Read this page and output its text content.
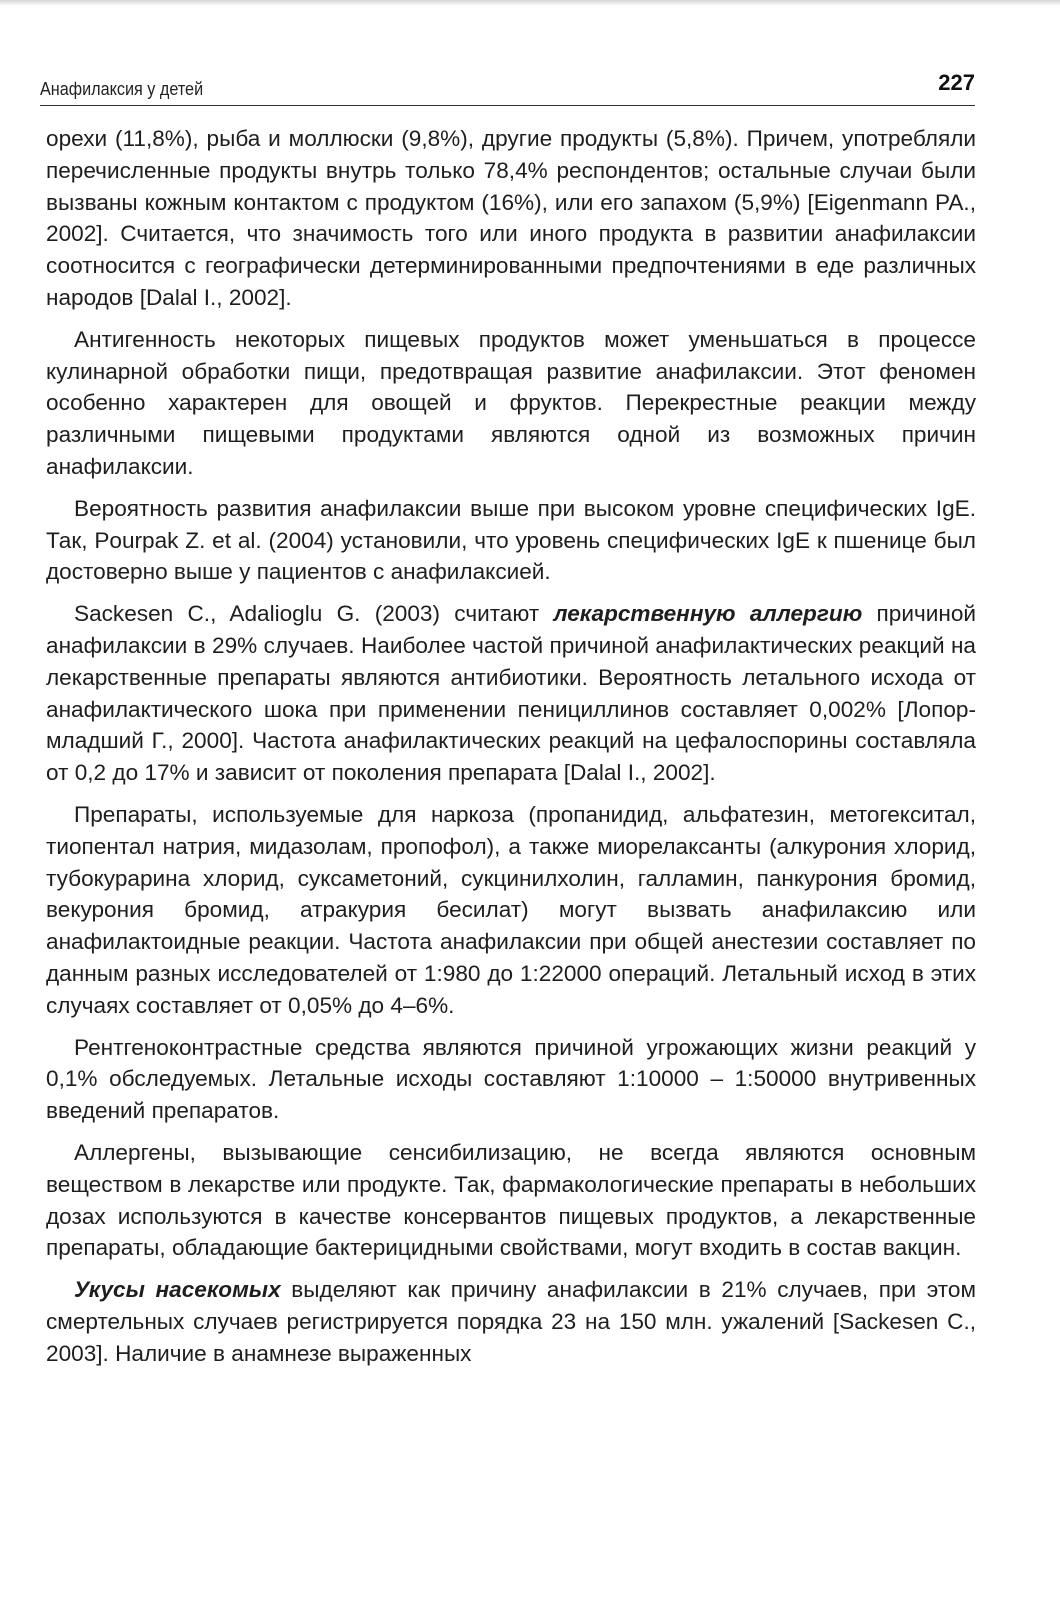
Анафилаксия у детей	227

орехи (11,8%), рыба и моллюски (9,8%), другие продукты (5,8%). Причем, употребляли перечисленные продукты внутрь только 78,4% респондентов; остальные случаи были вызваны кожным контактом с продуктом (16%), или его запахом (5,9%) [Eigenmann PA., 2002]. Считается, что значимость того или иного продукта в развитии анафилаксии соотносится с географически детерминированными предпочтениями в еде различных народов [Dalal I., 2002].

Антигенность некоторых пищевых продуктов может уменьшаться в процессе кулинарной обработки пищи, предотвращая развитие анафилаксии. Этот феномен особенно характерен для овощей и фруктов. Перекрестные реакции между различными пищевыми продуктами являются одной из возможных причин анафилаксии.

Вероятность развития анафилаксии выше при высоком уровне специфических IgE. Так, Pourpak Z. et al. (2004) установили, что уровень специфических IgE к пшенице был достоверно выше у пациентов с анафилаксией.

Sackesen C., Adalioglu G. (2003) считают лекарственную аллергию причиной анафилаксии в 29% случаев. Наиболее частой причиной анафилактических реакций на лекарственные препараты являются антибиотики. Вероятность летального исхода от анафилактического шока при применении пенициллинов составляет 0,002% [Лопормладший Г., 2000]. Частота анафилактических реакций на цефалоспорины составляла от 0,2 до 17% и зависит от поколения препарата [Dalal I., 2002].

Препараты, используемые для наркоза (пропанидид, альфатезин, метогекситал, тиопентал натрия, мидазолам, пропофол), а также миорелаксанты (алкурония хлорид, тубокурарина хлорид, суксаметоний, сукцинилхолин, галламин, панкурония бромид, векурония бромид, атракурия бесилат) могут вызвать анафилаксию или анафилактоидные реакции. Частота анафилаксии при общей анестезии составляет по данным разных исследователей от 1:980 до 1:22000 операций. Летальный исход в этих случаях составляет от 0,05% до 4–6%.

Рентгеноконтрастные средства являются причиной угрожающих жизни реакций у 0,1% обследуемых. Летальные исходы составляют 1:10000 – 1:50000 внутривенных введений препаратов.

Аллергены, вызывающие сенсибилизацию, не всегда являются основным веществом в лекарстве или продукте. Так, фармакологические препараты в небольших дозах используются в качестве консервантов пищевых продуктов, а лекарственные препараты, обладающие бактерицидными свойствами, могут входить в состав вакцин.

Укусы насекомых выделяют как причину анафилаксии в 21% случаев, при этом смертельных случаев регистрируется порядка 23 на 150 млн. ужалений [Sackesen C., 2003]. Наличие в анамнезе выраженных
